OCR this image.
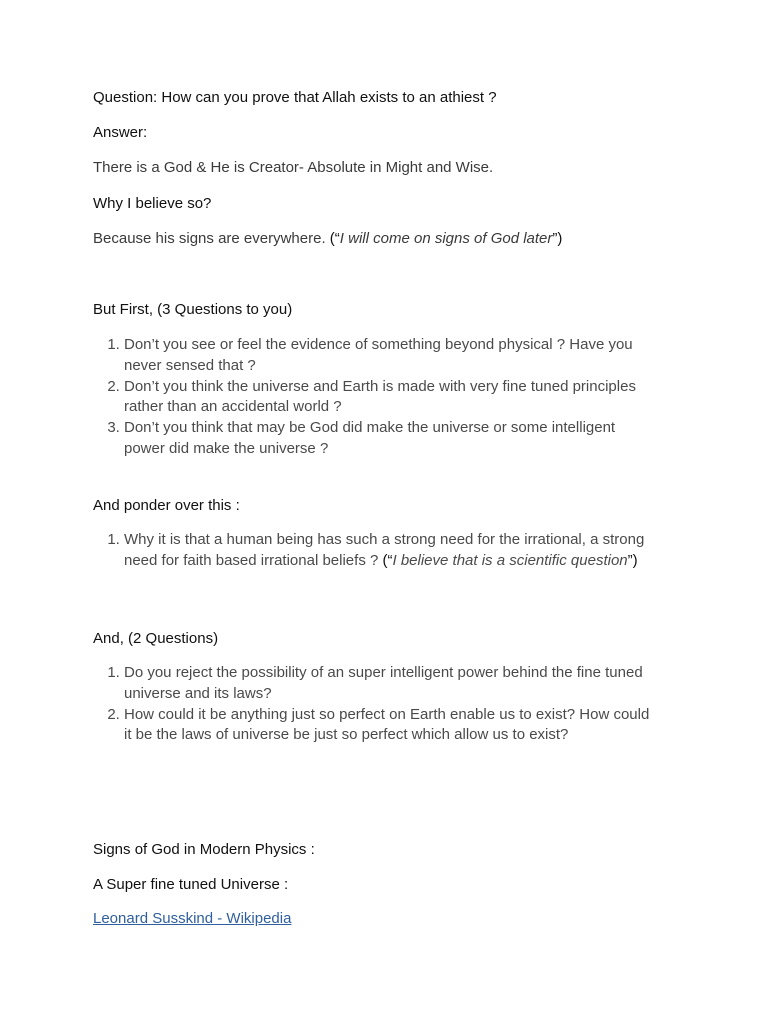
Question: How can you prove that Allah exists to an athiest ?
Answer:
There is a God & He is Creator- Absolute in Might and Wise.
Why I believe so?
Because his signs are everywhere. (“I will come on signs of God later”)
But First, (3 Questions to you)
1. Don’t you see or feel the evidence of something beyond physical ? Have you never sensed that ?
2. Don’t you think the universe and Earth is made with very fine tuned principles rather than an accidental world ?
3. Don’t you think that may be God did make the universe or some intelligent power did make the universe ?
And ponder over this :
1. Why it is that a human being has such a strong need for the irrational, a strong need for faith based irrational beliefs ? (“I believe that is a scientific question”)
And, (2 Questions)
1. Do you reject the possibility of an super intelligent power behind the fine tuned universe and its laws?
2. How could it be anything just so perfect on Earth enable us to exist? How could it be the laws of universe be just so perfect which allow us to exist?
Signs of God in Modern Physics :
A Super fine tuned Universe :
Leonard Susskind - Wikipedia
